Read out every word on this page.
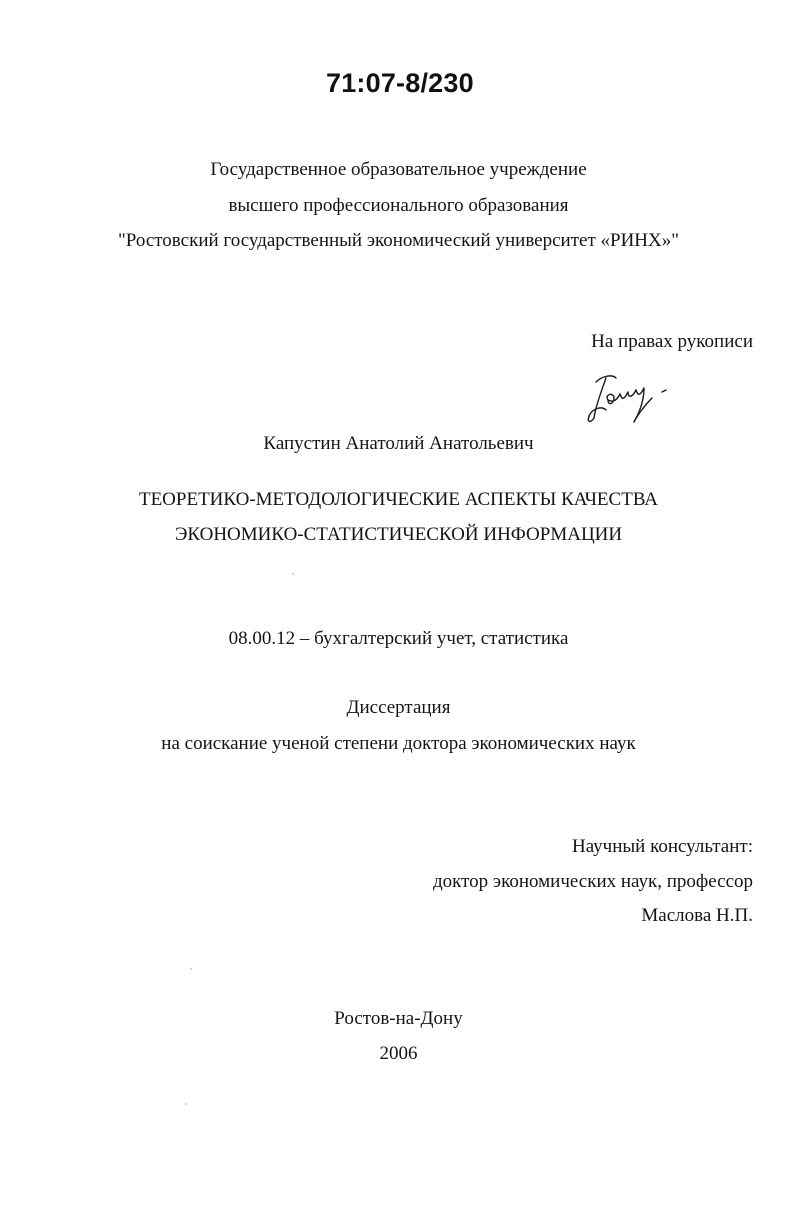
71:07-8/230
Государственное образовательное учреждение
высшего профессионального образования
"Ростовский государственный экономический университет «РИНХ»"
На правах рукописи
Капустин Анатолий Анатольевич
ТЕОРЕТИКО-МЕТОДОЛОГИЧЕСКИЕ АСПЕКТЫ КАЧЕСТВА
ЭКОНОМИКО-СТАТИСТИЧЕСКОЙ ИНФОРМАЦИИ
08.00.12 – бухгалтерский учет, статистика
Диссертация
на соискание ученой степени доктора экономических наук
Научный консультант:
доктор экономических наук, профессор
Маслова Н.П.
Ростов-на-Дону
2006
